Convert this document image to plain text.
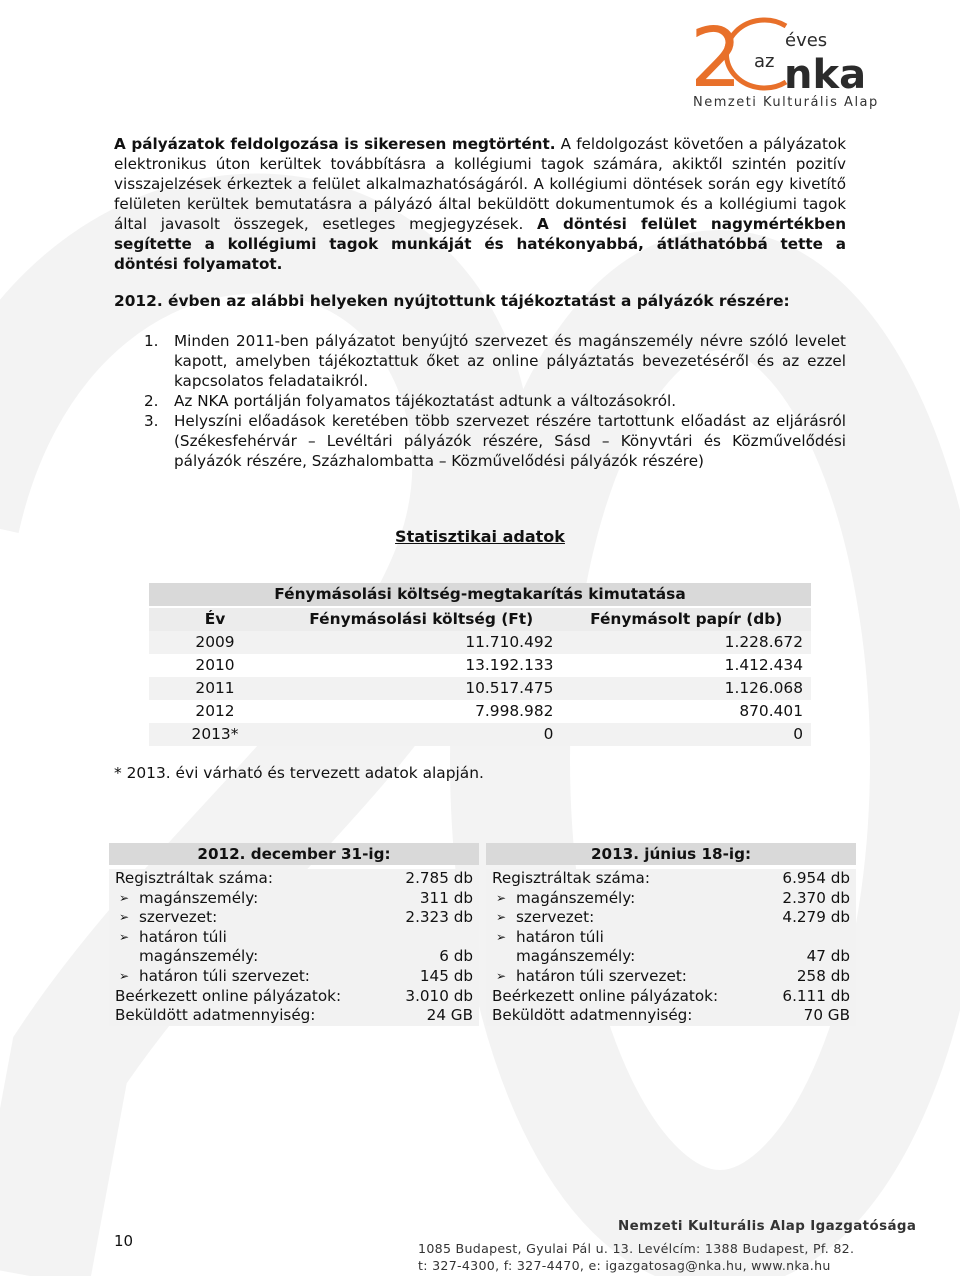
2 éves
az nka
Nemzeti Kulturális Alap
A pályázatok feldolgozása is sikeresen megtörtént. A feldolgozást követően a pályázatok elektronikus úton kerültek továbbításra a kollégiumi tagok számára, akiktől szintén pozitív visszajelzések érkeztek a felület alkalmazhatóságáról. A kollégiumi döntések során egy kivetítő felületen kerültek bemutatásra a pályázó által beküldött dokumentumok és a kollégiumi tagok által javasolt összegek, esetleges megjegyzések. A döntési felület nagymértékben segítette a kollégiumi tagok munkáját és hatékonyabbá, átláthatóbbá tette a döntési folyamatot.
2012. évben az alábbi helyeken nyújtottunk tájékoztatást a pályázók részére:
1. Minden 2011-ben pályázatot benyújtó szervezet és magánszemély névre szóló levelet kapott, amelyben tájékoztattuk őket az online pályáztatás bevezetéséről és az ezzel kapcsolatos feladataikról.
2. Az NKA portálján folyamatos tájékoztatást adtunk a változásokról.
3. Helyszíni előadások keretében több szervezet részére tartottunk előadást az eljárásról (Székesfehérvár – Levéltári pályázók részére, Sásd – Könyvtári és Közművelődési pályázók részére, Százhalombatta – Közművelődési pályázók részére)
Statisztikai adatok
Fénymásolási költség-megtakarítás kimutatása		
Év	Fénymásolási költség (Ft)	Fénymásolt papír (db)
2009	11.710.492	1.228.672
2010	13.192.133	1.412.434
2011	10.517.475	1.126.068
2012	7.998.982	870.401
2013*	0	0
* 2013. évi várható és tervezett adatok alapján.
2012. december 31-ig:
Regisztráltak száma:	2.785 db
➢ magánszemély:	311 db
➢ szervezet:	2.323 db
➢ határon túli
magánszemély:	6 db
➢ határon túli szervezet:	145 db
Beérkezett online pályázatok:	3.010 db
Beküldött adatmennyiség:	24 GB
2013. június 18-ig:
Regisztráltak száma:	6.954 db
➢ magánszemély:	2.370 db
➢ szervezet:	4.279 db
➢ határon túli
magánszemély:	47 db
➢ határon túli szervezet:	258 db
Beérkezett online pályázatok:	6.111 db
Beküldött adatmennyiség:	70 GB
10
Nemzeti Kulturális Alap Igazgatósága
1085 Budapest, Gyulai Pál u. 13. Levélcím: 1388 Budapest, Pf. 82.
t: 327-4300, f: 327-4470, e: igazgatosag@nka.hu, www.nka.hu
